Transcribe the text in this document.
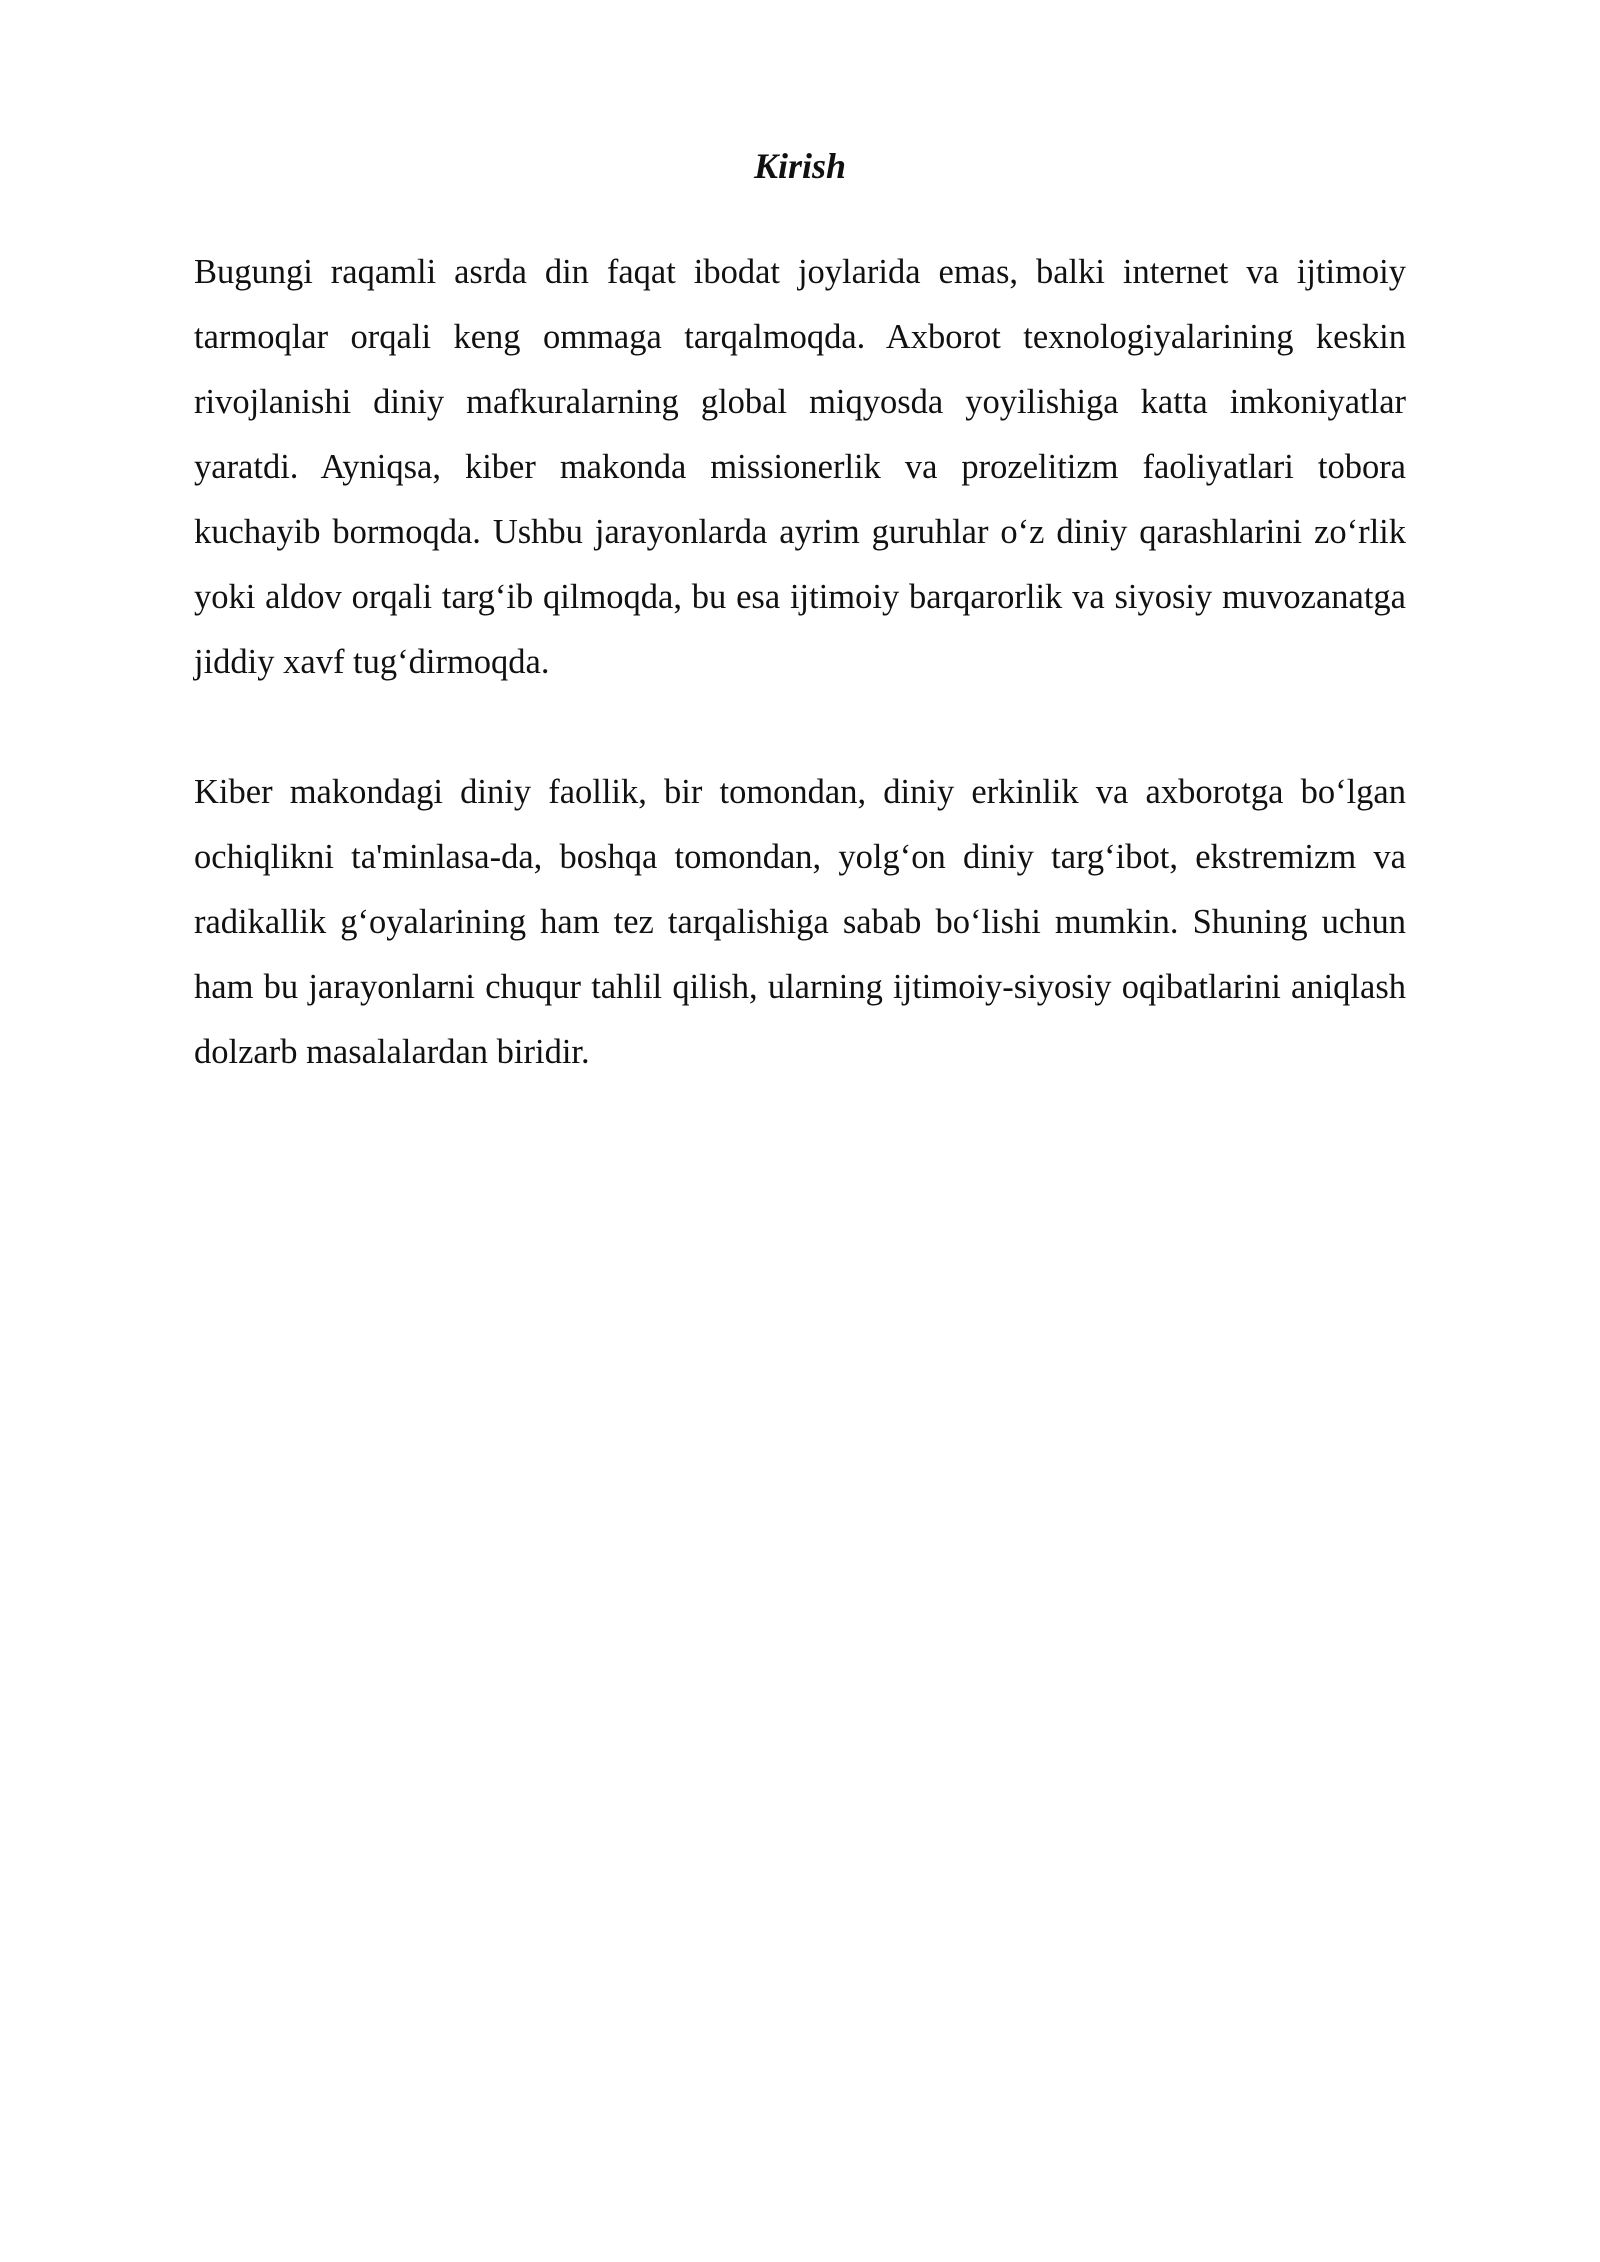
Kirish

Bugungi raqamli asrda din faqat ibodat joylarida emas, balki internet va ijtimoiy tarmoqlar orqali keng ommaga tarqalmoqda. Axborot texnologiyalarining keskin rivojlanishi diniy mafkuralarning global miqyosda yoyilishiga katta imkoniyatlar yaratdi. Ayniqsa, kiber makonda missionerlik va prozelitizm faoliyatlari tobora kuchayib bormoqda. Ushbu jarayonlarda ayrim guruhlar o‘z diniy qarashlarini zo‘rlik yoki aldov orqali targ‘ib qilmoqda, bu esa ijtimoiy barqarorlik va siyosiy muvozanatga jiddiy xavf tug‘dirmoqda.

Kiber makondagi diniy faollik, bir tomondan, diniy erkinlik va axborotga bo‘lgan ochiqlikni ta'minlasa-da, boshqa tomondan, yolg‘on diniy targ‘ibot, ekstremizm va radikallik g‘oyalarining ham tez tarqalishiga sabab bo‘lishi mumkin. Shuning uchun ham bu jarayonlarni chuqur tahlil qilish, ularning ijtimoiy-siyosiy oqibatlarini aniqlash dolzarb masalalardan biridir.
